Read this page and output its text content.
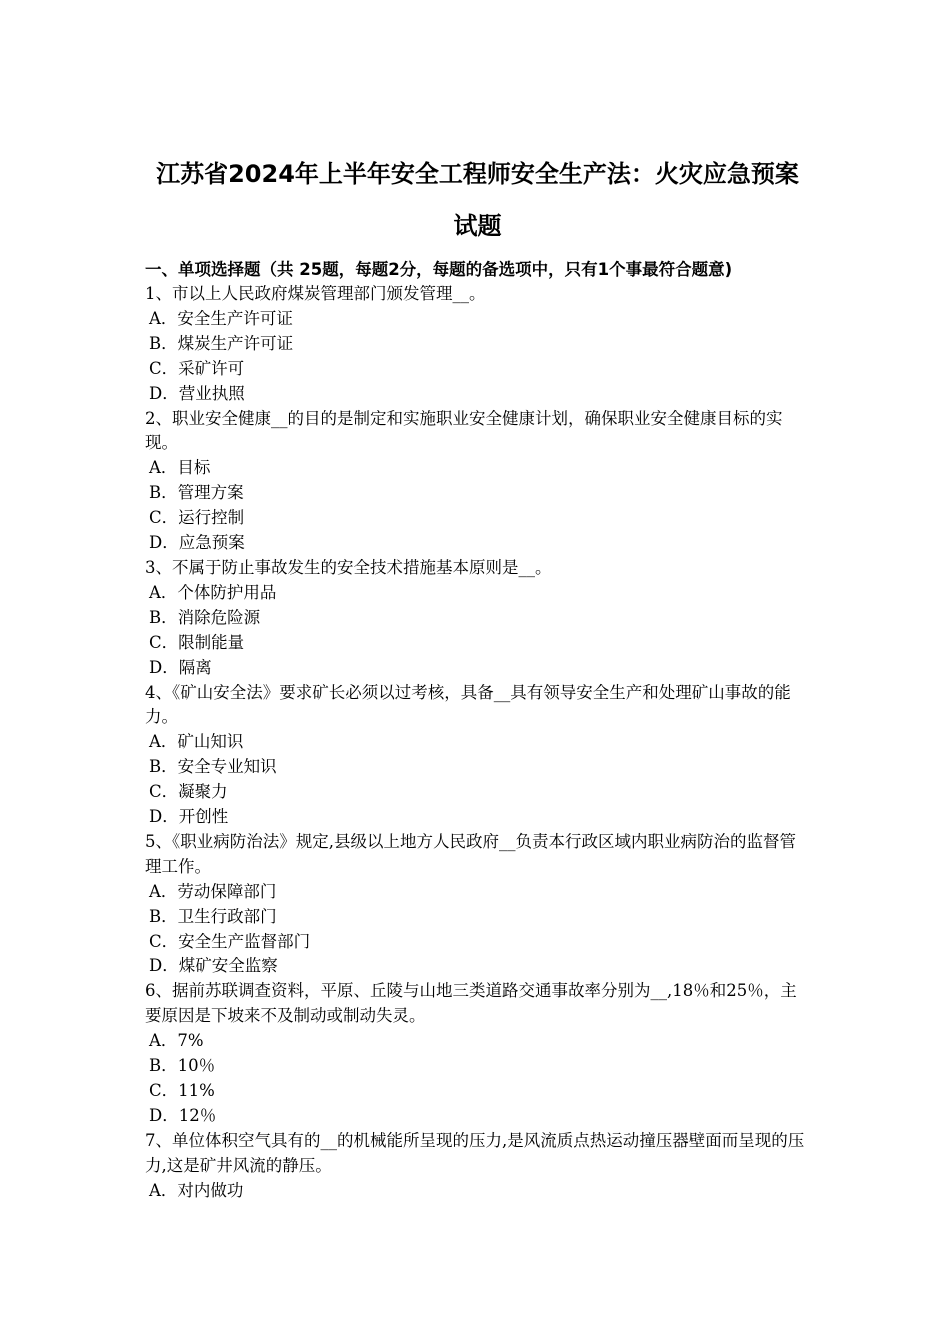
江苏省2024年上半年安全工程师安全生产法：火灾应急预案试题
一、单项选择题（共 25题，每题2分，每题的备选项中，只有1个事最符合题意)
1、市以上人民政府煤炭管理部门颁发管理__。
A．安全生产许可证
B．煤炭生产许可证
C．采矿许可
D．营业执照
2、职业安全健康__的目的是制定和实施职业安全健康计划，确保职业安全健康目标的实现。
A．目标
B．管理方案
C．运行控制
D．应急预案
3、不属于防止事故发生的安全技术措施基本原则是__。
A．个体防护用品
B．消除危险源
C．限制能量
D．隔离
4、《矿山安全法》要求矿长必须以过考核，具备__具有领导安全生产和处理矿山事故的能力。
A．矿山知识
B．安全专业知识
C．凝聚力
D．开创性
5、《职业病防治法》规定,县级以上地方人民政府__负责本行政区域内职业病防治的监督管理工作。
A．劳动保障部门
B．卫生行政部门
C．安全生产监督部门
D．煤矿安全监察
6、据前苏联调查资料，平原、丘陵与山地三类道路交通事故率分别为__,18％和25％，主要原因是下坡来不及制动或制动失灵。
A．7%
B．10％
C．11%
D．12％
7、单位体积空气具有的__的机械能所呈现的压力,是风流质点热运动撞压器壁面而呈现的压力,这是矿井风流的静压。
A．对内做功
